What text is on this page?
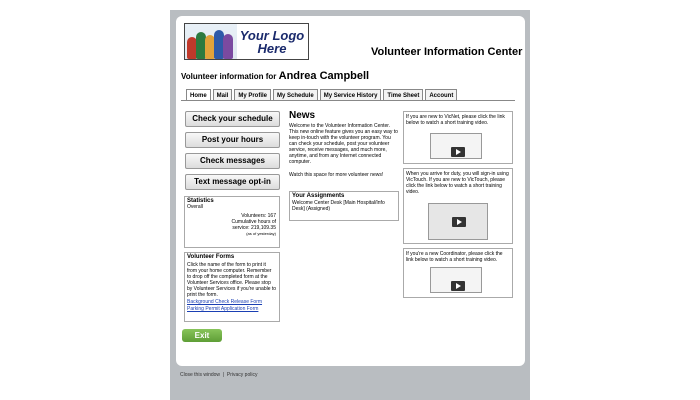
Your Logo
Here	Volunteer Information Center
Volunteer information for Andrea Campbell
Home	Mail	My Profile	My Schedule	My Service History	Time Sheet	Account
Check your schedule
Post your hours
Check messages
Text message opt-in
Statistics
Overall
Volunteers: 167
Cumulative hours of
service: 219,109.35
(as of yesterday)
Volunteer Forms
Click the name of the form to print it from your home computer. Remember to drop off the completed form at the Volunteer Services office. Please stop by Volunteer Services if you're unable to print the form.
Background Check Release Form
Parking Permit Application Form
Exit
News
Welcome to the Volunteer Information Center. This new online feature gives you an easy way to keep in-touch with the volunteer program. You can check your schedule, post your volunteer service, receive messages, and much more, anytime, and from any Internet connected computer.
Watch this space for more volunteer news!
Your Assignments
Welcome Center Desk [Main Hospital/Info Desk] (Assigned)
If you are new to VicNet, please click the link below to watch a short training video.
When you arrive for duty, you will sign-in using VicTouch. If you are new to VicTouch, please click the link below to watch a short training video.
If you're a new Coordinator, please click the link below to watch a short training video.
Close this window | Privacy policy
